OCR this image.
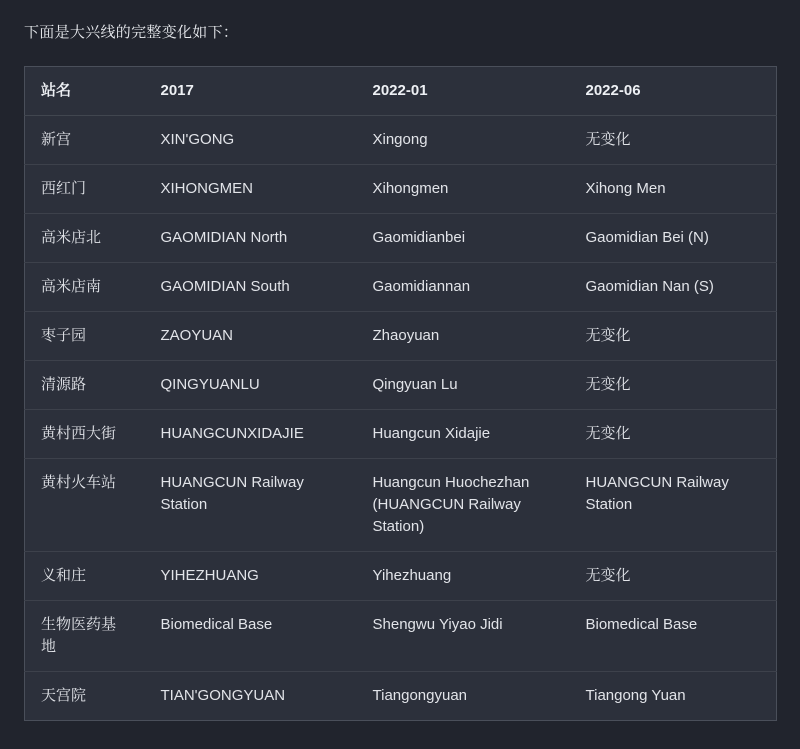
下面是大兴线的完整变化如下：
站名	2017	2022-01	2022-06
新宫	XIN'GONG	Xingong	无变化
西红门	XIHONGMEN	Xihongmen	Xihong Men
高米店北	GAOMIDIAN North	Gaomidianbei	Gaomidian Bei (N)
高米店南	GAOMIDIAN South	Gaomidiannan	Gaomidian Nan (S)
枣子园	ZAOYUAN	Zhaoyuan	无变化
清源路	QINGYUANLU	Qingyuan Lu	无变化
黄村西大街	HUANGCUNXIDAJIE	Huangcun Xidajie	无变化
黄村火车站	HUANGCUN Railway Station	Huangcun Huochezhan (HUANGCUN Railway Station)	HUANGCUN Railway Station
义和庄	YIHEZHUANG	Yihezhuang	无变化
生物医药基地	Biomedical Base	Shengwu Yiyao Jidi	Biomedical Base
天宫院	TIAN'GONGYUAN	Tiangongyuan	Tiangong Yuan
